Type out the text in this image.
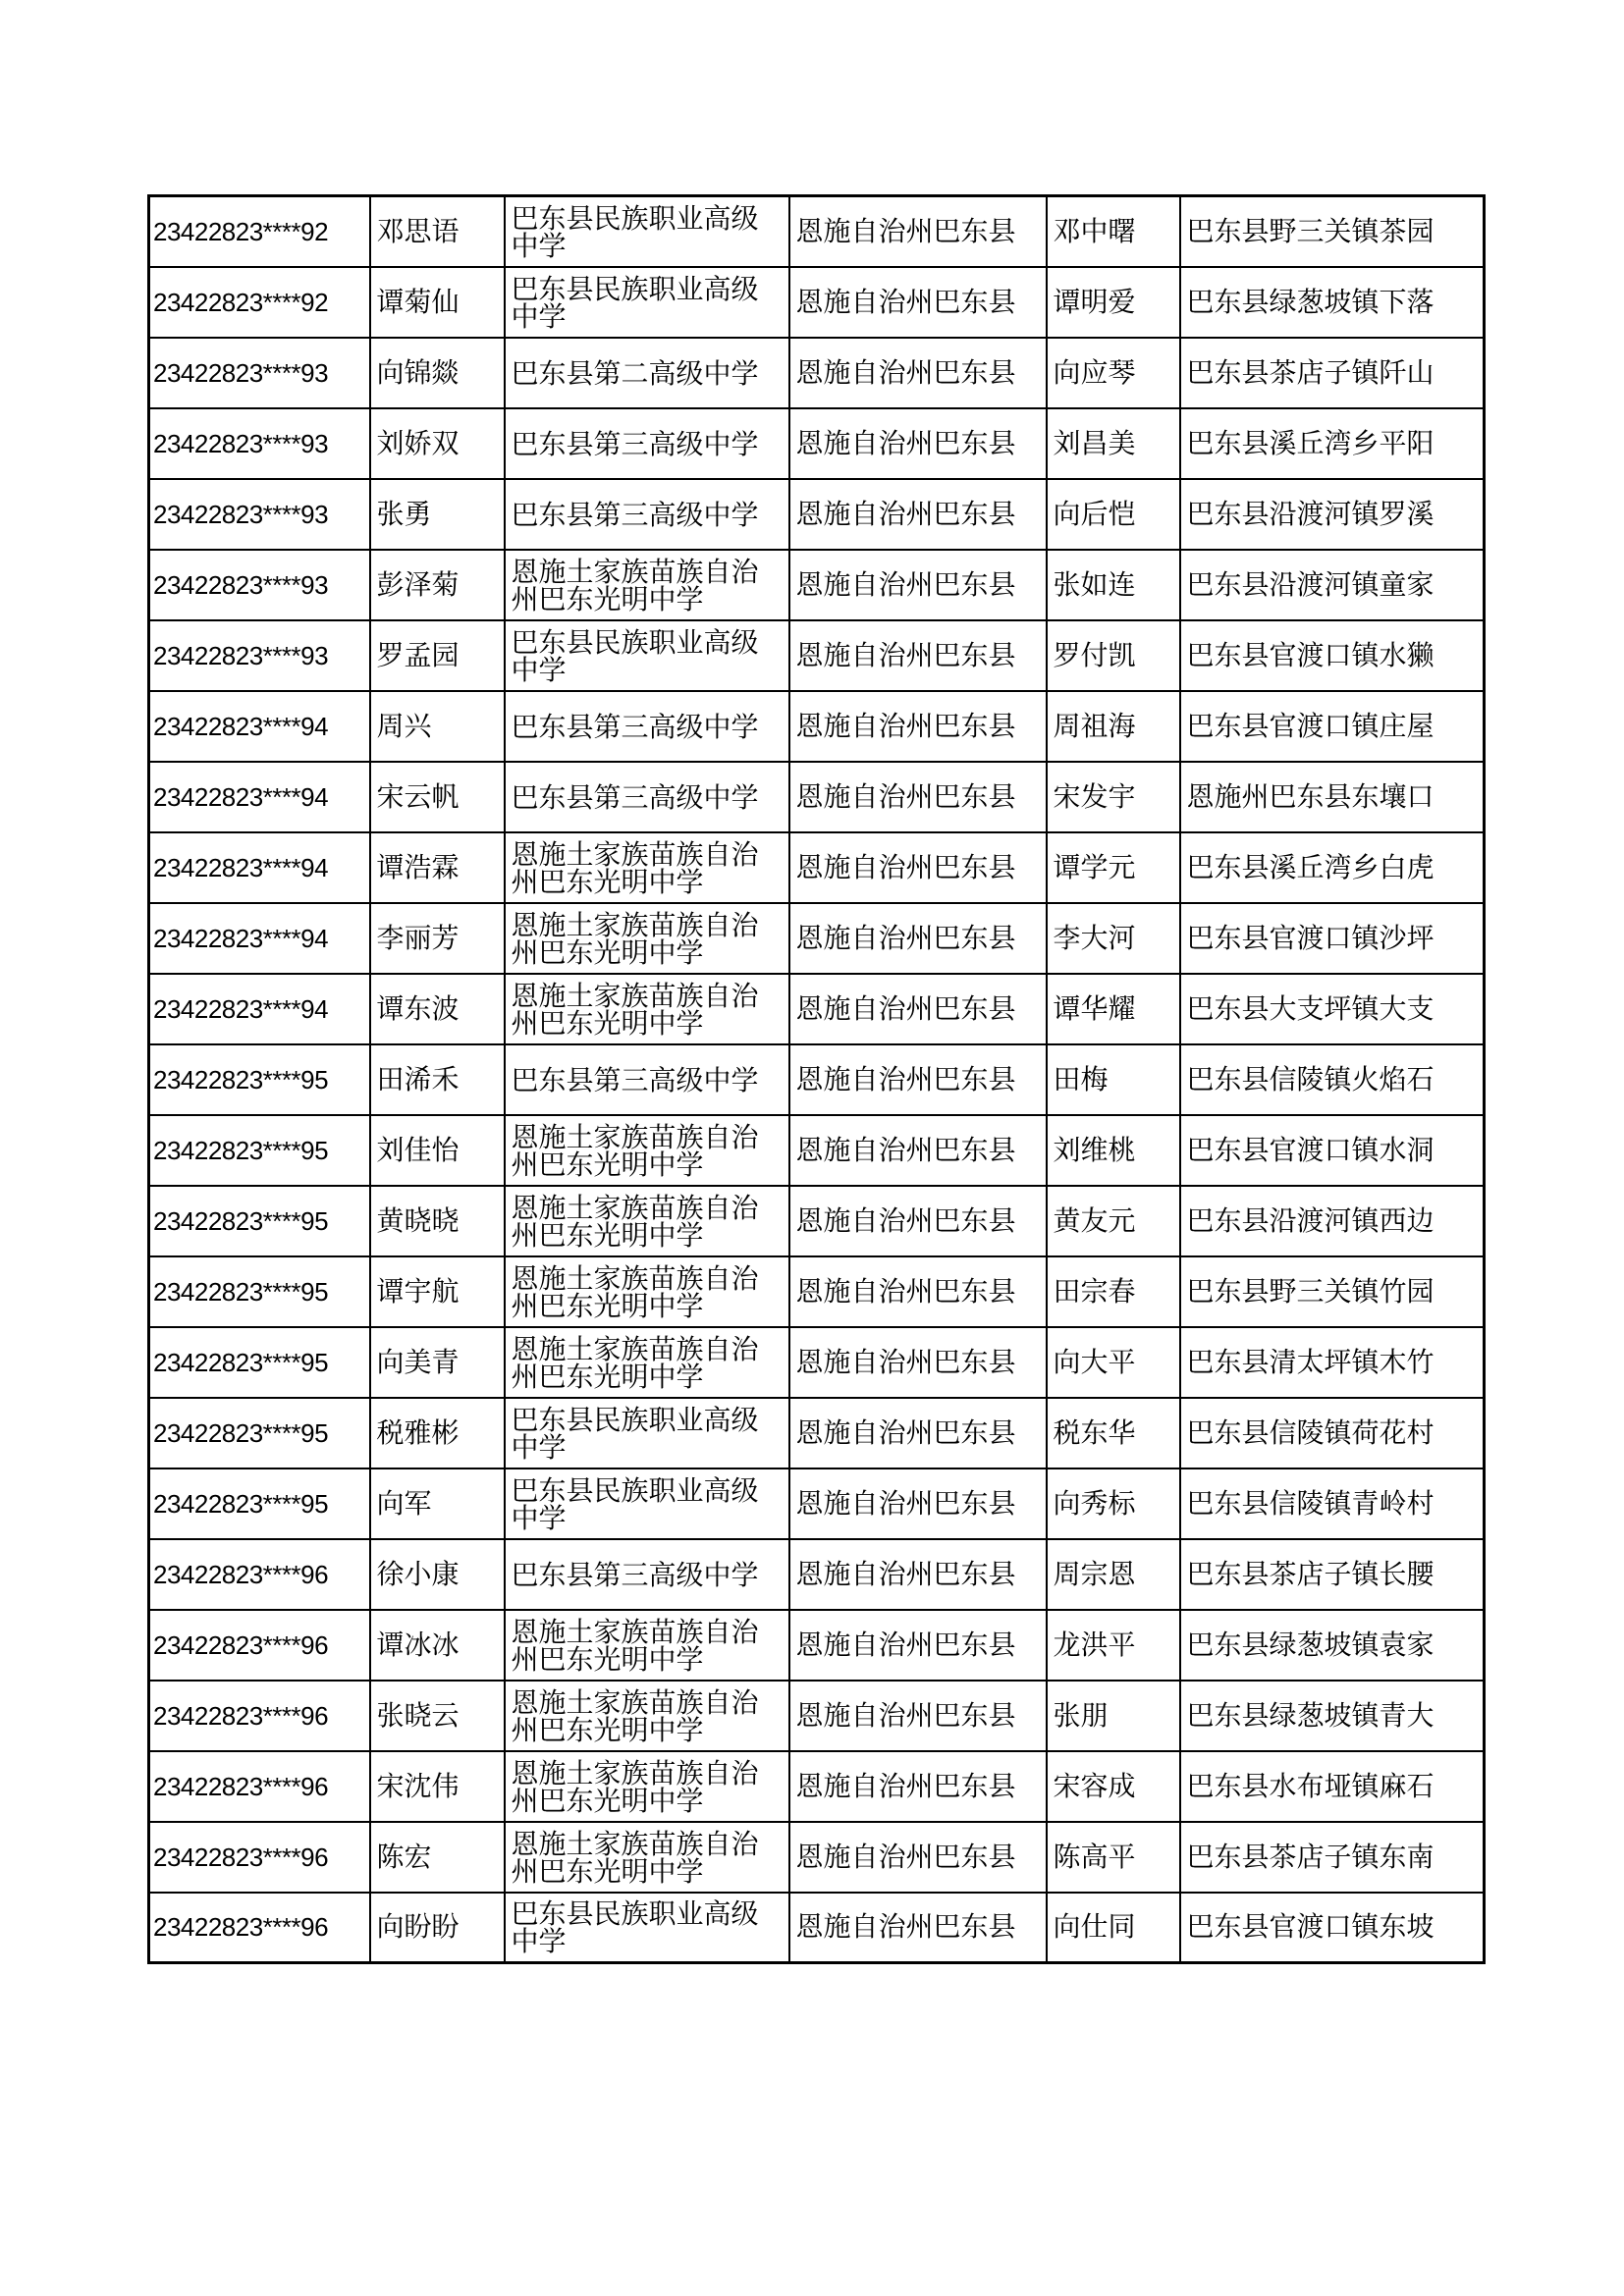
23422823****92	邓思语	巴东县民族职业高级中学	恩施自治州巴东县	邓中曙	巴东县野三关镇茶园
23422823****92	谭菊仙	巴东县民族职业高级中学	恩施自治州巴东县	谭明爱	巴东县绿葱坡镇下落
23422823****93	向锦燚	巴东县第二高级中学	恩施自治州巴东县	向应琴	巴东县茶店子镇阡山
23422823****93	刘娇双	巴东县第三高级中学	恩施自治州巴东县	刘昌美	巴东县溪丘湾乡平阳
23422823****93	张勇	巴东县第三高级中学	恩施自治州巴东县	向后恺	巴东县沿渡河镇罗溪
23422823****93	彭泽菊	恩施土家族苗族自治州巴东光明中学	恩施自治州巴东县	张如连	巴东县沿渡河镇童家
23422823****93	罗孟园	巴东县民族职业高级中学	恩施自治州巴东县	罗付凯	巴东县官渡口镇水獭
23422823****94	周兴	巴东县第三高级中学	恩施自治州巴东县	周祖海	巴东县官渡口镇庄屋
23422823****94	宋云帆	巴东县第三高级中学	恩施自治州巴东县	宋发宇	恩施州巴东县东壤口
23422823****94	谭浩霖	恩施土家族苗族自治州巴东光明中学	恩施自治州巴东县	谭学元	巴东县溪丘湾乡白虎
23422823****94	李丽芳	恩施土家族苗族自治州巴东光明中学	恩施自治州巴东县	李大河	巴东县官渡口镇沙坪
23422823****94	谭东波	恩施土家族苗族自治州巴东光明中学	恩施自治州巴东县	谭华耀	巴东县大支坪镇大支
23422823****95	田浠禾	巴东县第三高级中学	恩施自治州巴东县	田梅	巴东县信陵镇火焰石
23422823****95	刘佳怡	恩施土家族苗族自治州巴东光明中学	恩施自治州巴东县	刘维桃	巴东县官渡口镇水洞
23422823****95	黄晓晓	恩施土家族苗族自治州巴东光明中学	恩施自治州巴东县	黄友元	巴东县沿渡河镇西边
23422823****95	谭宇航	恩施土家族苗族自治州巴东光明中学	恩施自治州巴东县	田宗春	巴东县野三关镇竹园
23422823****95	向美青	恩施土家族苗族自治州巴东光明中学	恩施自治州巴东县	向大平	巴东县清太坪镇木竹
23422823****95	税雅彬	巴东县民族职业高级中学	恩施自治州巴东县	税东华	巴东县信陵镇荷花村
23422823****95	向军	巴东县民族职业高级中学	恩施自治州巴东县	向秀标	巴东县信陵镇青岭村
23422823****96	徐小康	巴东县第三高级中学	恩施自治州巴东县	周宗恩	巴东县茶店子镇长腰
23422823****96	谭冰冰	恩施土家族苗族自治州巴东光明中学	恩施自治州巴东县	龙洪平	巴东县绿葱坡镇袁家
23422823****96	张晓云	恩施土家族苗族自治州巴东光明中学	恩施自治州巴东县	张朋	巴东县绿葱坡镇青大
23422823****96	宋沈伟	恩施土家族苗族自治州巴东光明中学	恩施自治州巴东县	宋容成	巴东县水布垭镇麻石
23422823****96	陈宏	恩施土家族苗族自治州巴东光明中学	恩施自治州巴东县	陈高平	巴东县茶店子镇东南
23422823****96	向盼盼	巴东县民族职业高级中学	恩施自治州巴东县	向仕同	巴东县官渡口镇东坡
